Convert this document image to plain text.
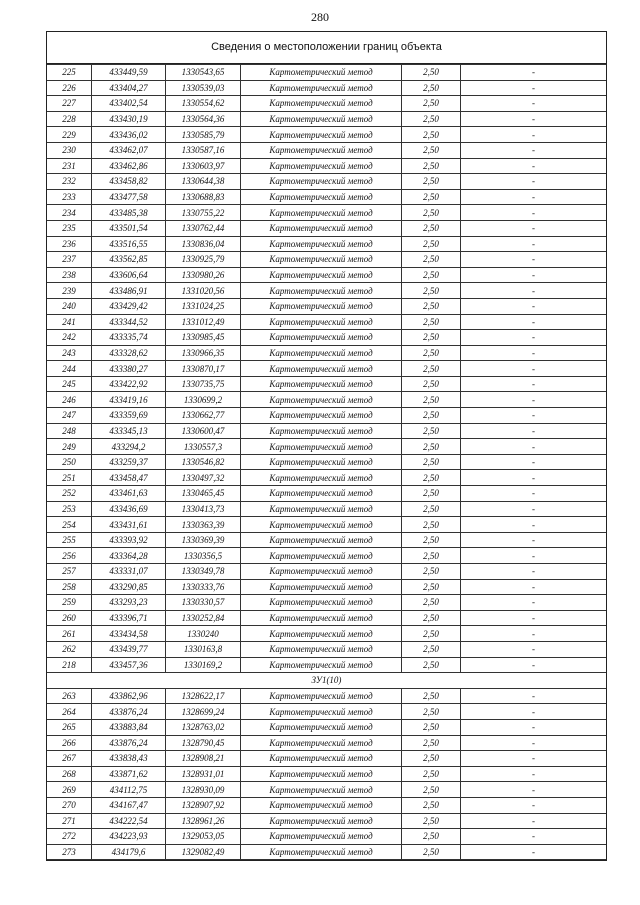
280
Сведения о местоположении границ объекта
225	433449,59	1330543,65	Картометрический метод	2,50	-
226	433404,27	1330539,03	Картометрический метод	2,50	-
227	433402,54	1330554,62	Картометрический метод	2,50	-
228	433430,19	1330564,36	Картометрический метод	2,50	-
229	433436,02	1330585,79	Картометрический метод	2,50	-
230	433462,07	1330587,16	Картометрический метод	2,50	-
231	433462,86	1330603,97	Картометрический метод	2,50	-
232	433458,82	1330644,38	Картометрический метод	2,50	-
233	433477,58	1330688,83	Картометрический метод	2,50	-
234	433485,38	1330755,22	Картометрический метод	2,50	-
235	433501,54	1330762,44	Картометрический метод	2,50	-
236	433516,55	1330836,04	Картометрический метод	2,50	-
237	433562,85	1330925,79	Картометрический метод	2,50	-
238	433606,64	1330980,26	Картометрический метод	2,50	-
239	433486,91	1331020,56	Картометрический метод	2,50	-
240	433429,42	1331024,25	Картометрический метод	2,50	-
241	433344,52	1331012,49	Картометрический метод	2,50	-
242	433335,74	1330985,45	Картометрический метод	2,50	-
243	433328,62	1330966,35	Картометрический метод	2,50	-
244	433380,27	1330870,17	Картометрический метод	2,50	-
245	433422,92	1330735,75	Картометрический метод	2,50	-
246	433419,16	1330699,2	Картометрический метод	2,50	-
247	433359,69	1330662,77	Картометрический метод	2,50	-
248	433345,13	1330600,47	Картометрический метод	2,50	-
249	433294,2	1330557,3	Картометрический метод	2,50	-
250	433259,37	1330546,82	Картометрический метод	2,50	-
251	433458,47	1330497,32	Картометрический метод	2,50	-
252	433461,63	1330465,45	Картометрический метод	2,50	-
253	433436,69	1330413,73	Картометрический метод	2,50	-
254	433431,61	1330363,39	Картометрический метод	2,50	-
255	433393,92	1330369,39	Картометрический метод	2,50	-
256	433364,28	1330356,5	Картометрический метод	2,50	-
257	433331,07	1330349,78	Картометрический метод	2,50	-
258	433290,85	1330333,76	Картометрический метод	2,50	-
259	433293,23	1330330,57	Картометрический метод	2,50	-
260	433396,71	1330252,84	Картометрический метод	2,50	-
261	433434,58	1330240	Картометрический метод	2,50	-
262	433439,77	1330163,8	Картометрический метод	2,50	-
218	433457,36	1330169,2	Картометрический метод	2,50	-
ЗУ1(10)					
263	433862,96	1328622,17	Картометрический метод	2,50	-
264	433876,24	1328699,24	Картометрический метод	2,50	-
265	433883,84	1328763,02	Картометрический метод	2,50	-
266	433876,24	1328790,45	Картометрический метод	2,50	-
267	433838,43	1328908,21	Картометрический метод	2,50	-
268	433871,62	1328931,01	Картометрический метод	2,50	-
269	434112,75	1328930,09	Картометрический метод	2,50	-
270	434167,47	1328907,92	Картометрический метод	2,50	-
271	434222,54	1328961,26	Картометрический метод	2,50	-
272	434223,93	1329053,05	Картометрический метод	2,50	-
273	434179,6	1329082,49	Картометрический метод	2,50	-
